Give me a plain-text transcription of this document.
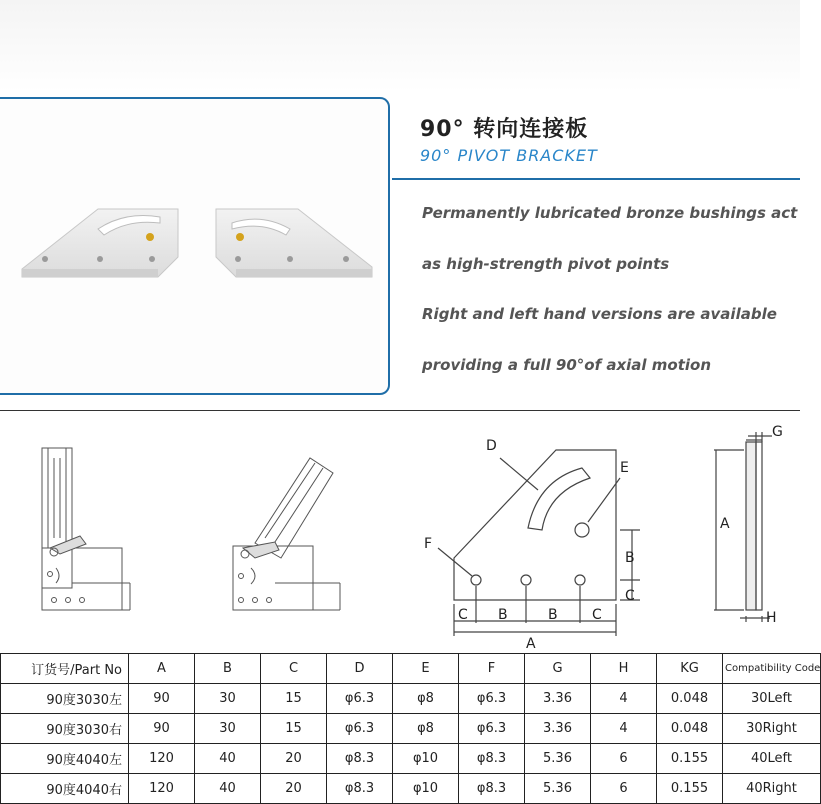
90° 转向连接板
90° PIVOT BRACKET
Permanently lubricated bronze bushings act
as high-strength pivot points
Right and left hand versions are available
providing a full 90°of axial motion
D
E
F
B
C
C B	B C
A
G
A
H
订货号/Part No	A	B	C	D	E	F	G	H	KG	Compatibility Code
90度3030左	90	30	15	φ6.3	φ8	φ6.3	3.36	4	0.048	30Left
90度3030右	90	30	15	φ6.3	φ8	φ6.3	3.36	4	0.048	30Right
90度4040左	120	40	20	φ8.3	φ10	φ8.3	5.36	6	0.155	40Left
90度4040右	120	40	20	φ8.3	φ10	φ8.3	5.36	6	0.155	40Right
